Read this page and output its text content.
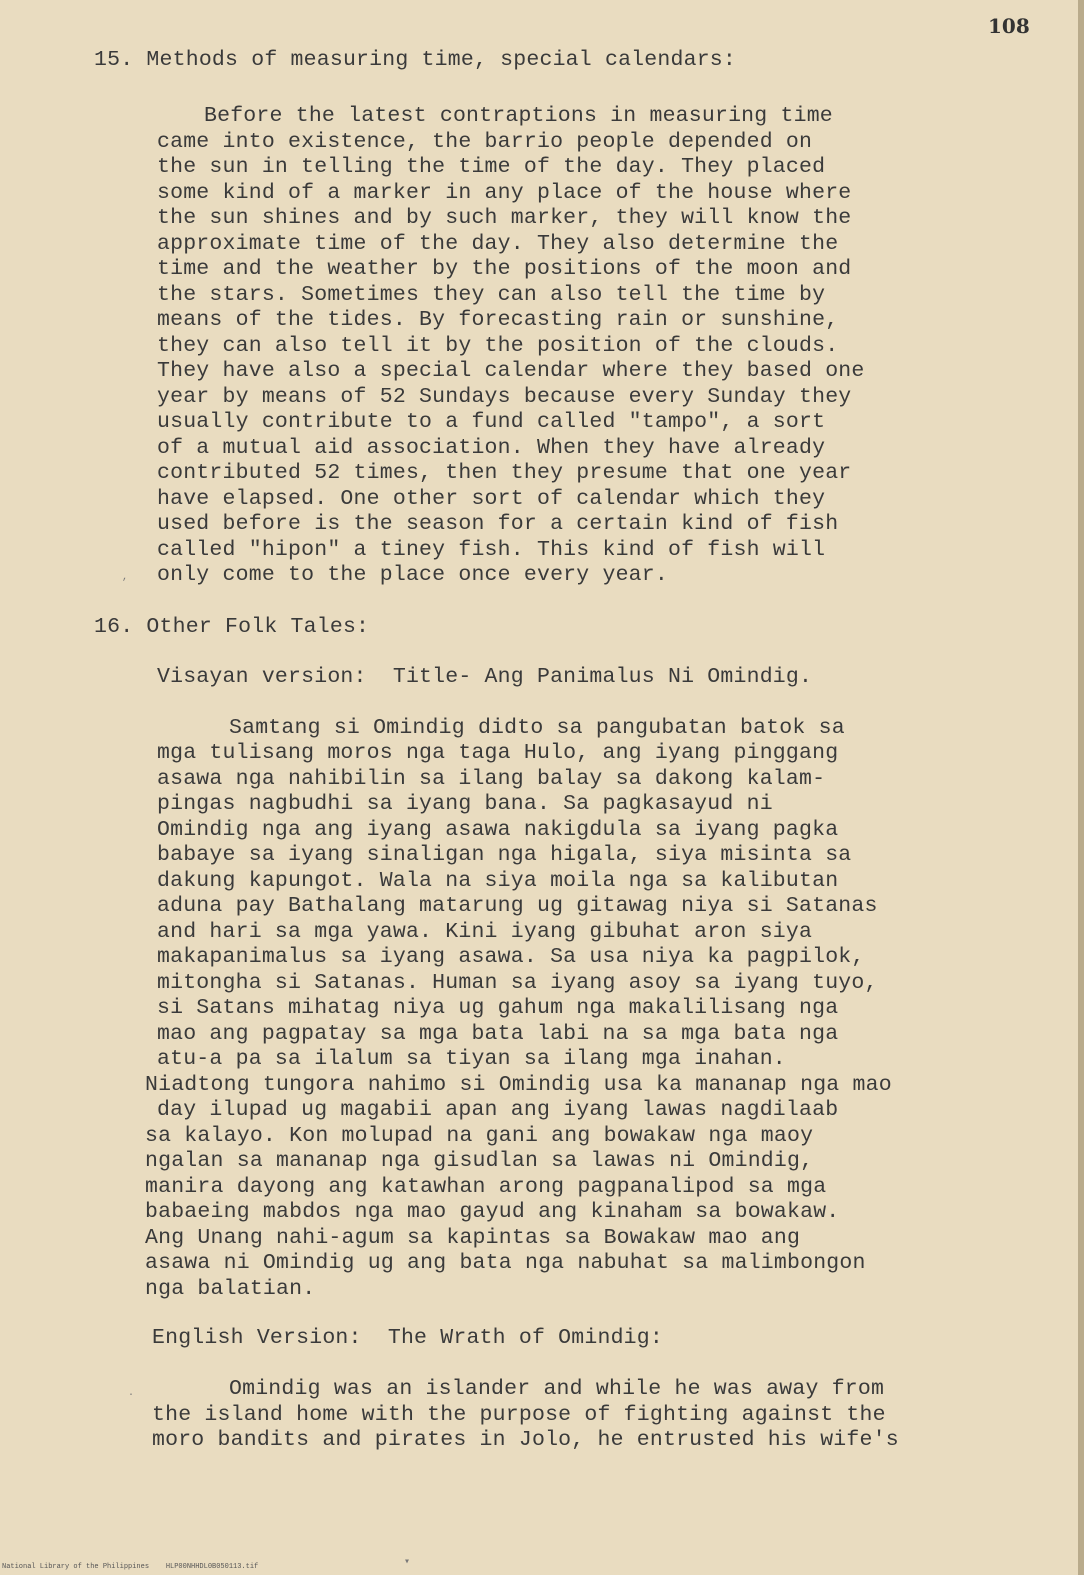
108
15. Methods of measuring time, special calendars:
Before the latest contraptions in measuring time
came into existence, the barrio people depended on
the sun in telling the time of the day. They placed
some kind of a marker in any place of the house where
the sun shines and by such marker, they will know the
approximate time of the day. They also determine the
time and the weather by the positions of the moon and
the stars. Sometimes they can also tell the time by
means of the tides. By forecasting rain or sunshine,
they can also tell it by the position of the clouds.
They have also a special calendar where they based one
year by means of 52 Sundays because every Sunday they
usually contribute to a fund called "tampo", a sort
of a mutual aid association. When they have already
contributed 52 times, then they presume that one year
have elapsed. One other sort of calendar which they
used before is the season for a certain kind of fish
called "hipon" a tiney fish. This kind of fish will
only come to the place once every year.
16. Other Folk Tales:
Visayan version:  Title- Ang Panimalus Ni Omindig.
Samtang si Omindig didto sa pangubatan batok sa
mga tulisang moros nga taga Hulo, ang iyang pinggang
asawa nga nahibilin sa ilang balay sa dakong kalam-
pingas nagbudhi sa iyang bana. Sa pagkasayud ni
Omindig nga ang iyang asawa nakigdula sa iyang pagka
babaye sa iyang sinaligan nga higala, siya misinta sa
dakung kapungot. Wala na siya moila nga sa kalibutan
aduna pay Bathalang matarung ug gitawag niya si Satanas
and hari sa mga yawa. Kini iyang gibuhat aron siya
makapanimalus sa iyang asawa. Sa usa niya ka pagpilok,
mitongha si Satanas. Human sa iyang asoy sa iyang tuyo,
si Satans mihatag niya ug gahum nga makalilisang nga
mao ang pagpatay sa mga bata labi na sa mga bata nga
atu-a pa sa ilalum sa tiyan sa ilang mga inahan.
Niadtong tungora nahimo si Omindig usa ka mananap nga mao
day ilupad ug magabii apan ang iyang lawas nagdilaab
sa kalayo. Kon molupad na gani ang bowakaw nga maoy
ngalan sa mananap nga gisudlan sa lawas ni Omindig,
manira dayong ang katawhan arong pagpanalipod sa mga
babaeing mabdos nga mao gayud ang kinaham sa bowakaw.
Ang Unang nahi-agum sa kapintas sa Bowakaw mao ang
asawa ni Omindig ug ang bata nga nabuhat sa malimbongon
nga balatian.
English Version:  The Wrath of Omindig:
Omindig was an islander and while he was away from
the island home with the purpose of fighting against the
moro bandits and pirates in Jolo, he entrusted his wife's
,
·
▾
National Library of the Philippines    HLP00NHHDL0B050113.tif
